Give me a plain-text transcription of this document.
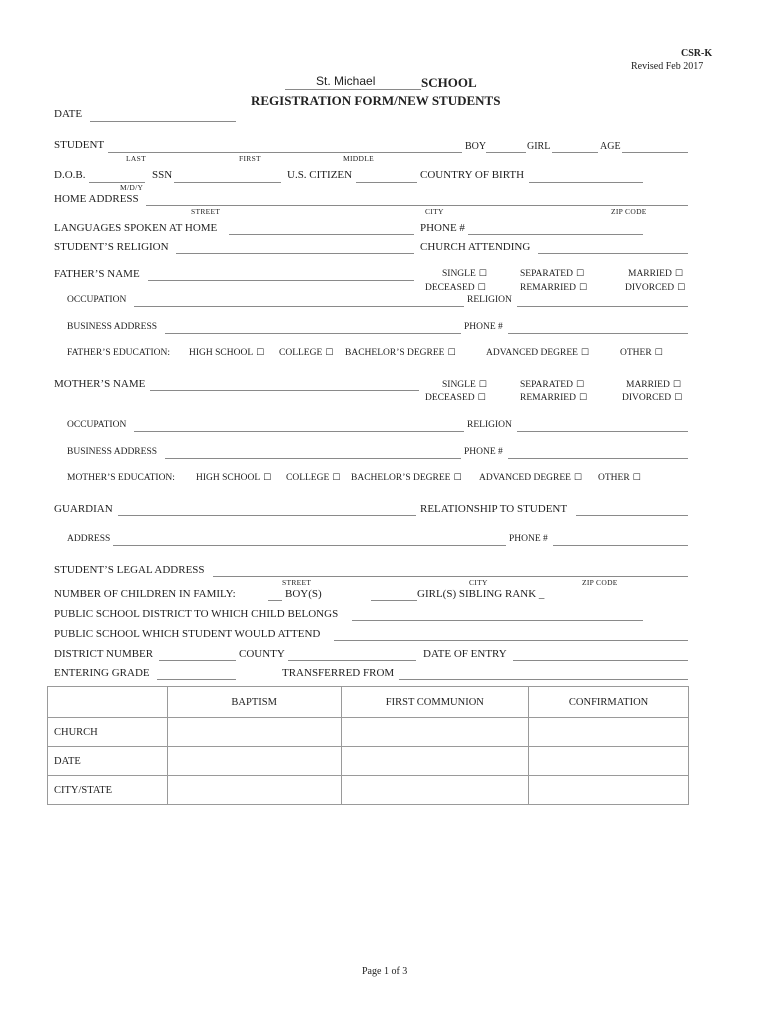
CSR-K
Revised Feb 2017
St. Michael	SCHOOL
REGISTRATION FORM/NEW STUDENTS
DATE
STUDENT	BOY	GIRL	AGE
LAST	FIRST	MIDDLE
D.O.B.	SSN	U.S. CITIZEN	COUNTRY OF BIRTH
M/D/Y
HOME ADDRESS
STREET	CITY	ZIP CODE
LANGUAGES SPOKEN AT HOME	PHONE #
STUDENT’S RELIGION	CHURCH ATTENDING
FATHER’S NAME	SINGLE ☐	SEPARATED ☐	MARRIED ☐
DECEASED ☐	REMARRIED ☐	DIVORCED ☐
OCCUPATION	RELIGION
BUSINESS ADDRESS	PHONE #
FATHER’S EDUCATION: HIGH SCHOOL ☐ COLLEGE ☐ BACHELOR’S DEGREE ☐	ADVANCED DEGREE ☐	OTHER ☐
MOTHER’S NAME	SINGLE ☐	SEPARATED ☐	MARRIED ☐
DECEASED ☐	REMARRIED ☐	DIVORCED ☐
OCCUPATION	RELIGION
BUSINESS ADDRESS	PHONE #
MOTHER’S EDUCATION: HIGH SCHOOL ☐ COLLEGE ☐ BACHELOR’S DEGREE ☐ ADVANCED DEGREE ☐ OTHER ☐
GUARDIAN	RELATIONSHIP TO STUDENT
ADDRESS	PHONE #
STUDENT’S LEGAL ADDRESS
STREET	CITY	ZIP CODE
NUMBER OF CHILDREN IN FAMILY:	BOY(S)	GIRL(S) SIBLING RANK _
PUBLIC SCHOOL DISTRICT TO WHICH CHILD BELONGS
PUBLIC SCHOOL WHICH STUDENT WOULD ATTEND
DISTRICT NUMBER	COUNTY	DATE OF ENTRY
ENTERING GRADE	TRANSFERRED FROM
	BAPTISM	FIRST COMMUNION	CONFIRMATION
CHURCH			
DATE			
CITY/STATE			
Page 1 of 3
